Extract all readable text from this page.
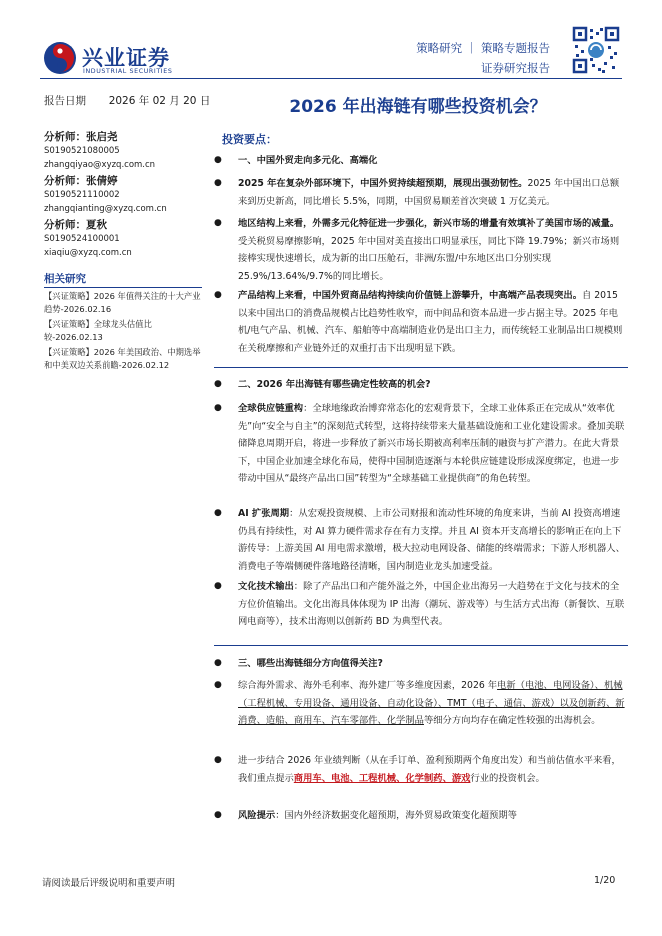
兴业证券
INDUSTRIAL SECURITIES
策略研究 ｜ 策略专题报告
证券研究报告
报告日期 2026 年 02 月 20 日
分析师：张启尧
S0190521080005
zhangqiyao@xyzq.com.cn
分析师：张倩婷
S0190521110002
zhangqianting@xyzq.com.cn
分析师：夏秋
S0190524100001
xiaqiu@xyzq.com.cn
相关研究
【兴证策略】2026 年值得关注的十大产业趋势-2026.02.16
【兴证策略】全球龙头估值比较-2026.02.13
【兴证策略】2026 年美国政治、中期选举和中美双边关系前瞻-2026.02.12
2026 年出海链有哪些投资机会？
投资要点：
● 一、中国外贸走向多元化、高端化
● 2025 年在复杂外部环境下，中国外贸持续超预期，展现出强劲韧性。2025 年中国出口总额来到历史新高，同比增长 5.5%，同期，中国贸易顺差首次突破 1 万亿美元。
● 地区结构上来看，外需多元化特征进一步强化，新兴市场的增量有效填补了美国市场的减量。受关税贸易摩擦影响，2025 年中国对美直接出口明显承压，同比下降 19.79%；新兴市场则接棒实现快速增长，成为新的出口压舱石，非洲/东盟/中东地区出口分别实现 25.9%/13.64%/9.7%的同比增长。
● 产品结构上来看，中国外贸商品结构持续向价值链上游攀升，中高端产品表现突出。自 2015 以来中国出口的消费品规模占比趋势性收窄，而中间品和资本品进一步占据主导。2025 年电机/电气产品、机械、汽车、船舶等中高端制造业仍是出口主力，而传统轻工业制品出口规模则在关税摩擦和产业链外迁的双重打击下出现明显下跌。
● 二、2026 年出海链有哪些确定性较高的机会?
● 全球供应链重构：全球地缘政治博弈常态化的宏观背景下，全球工业体系正在完成从“效率优先”向“安全与自主”的深刻范式转型，这将持续带来大量基础设施和工业化建设需求。叠加美联储降息周期开启，将进一步释放了新兴市场长期被高利率压制的融资与扩产潜力。在此大背景下，中国企业加速全球化布局，使得中国制造逐渐与本轮供应链建设形成深度绑定，也进一步带动中国从“最终产品出口国”转型为“全球基础工业提供商”的角色转型。
● AI 扩张周期：从宏观投资规模、上市公司财报和流动性环境的角度来讲，当前 AI 投资高增速仍具有持续性，对 AI 算力硬件需求存在有力支撑。并且 AI 资本开支高增长的影响正在向上下游传导：上游美国 AI 用电需求激增，极大拉动电网设备、储能的终端需求；下游人形机器人、消费电子等端侧硬件落地路径清晰，国内制造业龙头加速受益。
● 文化技术输出：除了产品出口和产能外溢之外，中国企业出海另一大趋势在于文化与技术的全方位价值输出。文化出海具体体现为 IP 出海（潮玩、游戏等）与生活方式出海（新餐饮、互联网电商等），技术出海则以创新药 BD 为典型代表。
● 三、哪些出海链细分方向值得关注?
● 综合海外需求、海外毛利率、海外建厂等多维度因素，2026 年电新（电池、电网设备）、机械（工程机械、专用设备、通用设备、自动化设备）、TMT（电子、通信、游戏）以及创新药、新消费、造船、商用车、汽车零部件、化学制品等细分方向均存在确定性较强的出海机会。
● 进一步结合 2026 年业绩判断（从在手订单、盈利预期两个角度出发）和当前估值水平来看，我们重点提示商用车、电池、工程机械、化学制药、游戏行业的投资机会。
● 风险提示：国内外经济数据变化超预期，海外贸易政策变化超预期等
请阅读最后评级说明和重要声明	1/20
